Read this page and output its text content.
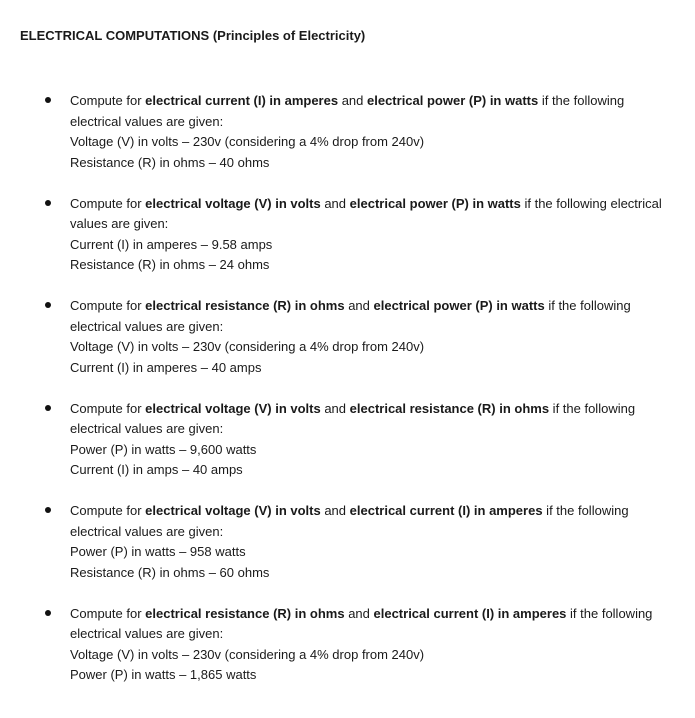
ELECTRICAL COMPUTATIONS (Principles of Electricity)
Compute for electrical current (I) in amperes and electrical power (P) in watts if the following electrical values are given:
Voltage (V) in volts – 230v (considering a 4% drop from 240v)
Resistance (R) in ohms – 40 ohms
Compute for electrical voltage (V) in volts and electrical power (P) in watts if the following electrical values are given:
Current (I) in amperes – 9.58 amps
Resistance (R) in ohms – 24 ohms
Compute for electrical resistance (R) in ohms and electrical power (P) in watts if the following electrical values are given:
Voltage (V) in volts – 230v (considering a 4% drop from 240v)
Current (I) in amperes – 40 amps
Compute for electrical voltage (V) in volts and electrical resistance (R) in ohms if the following electrical values are given:
Power (P) in watts – 9,600 watts
Current (I) in amps – 40 amps
Compute for electrical voltage (V) in volts and electrical current (I) in amperes if the following electrical values are given:
Power (P) in watts – 958 watts
Resistance (R) in ohms – 60 ohms
Compute for electrical resistance (R) in ohms and electrical current (I) in amperes if the following electrical values are given:
Voltage (V) in volts – 230v (considering a 4% drop from 240v)
Power (P) in watts – 1,865 watts
